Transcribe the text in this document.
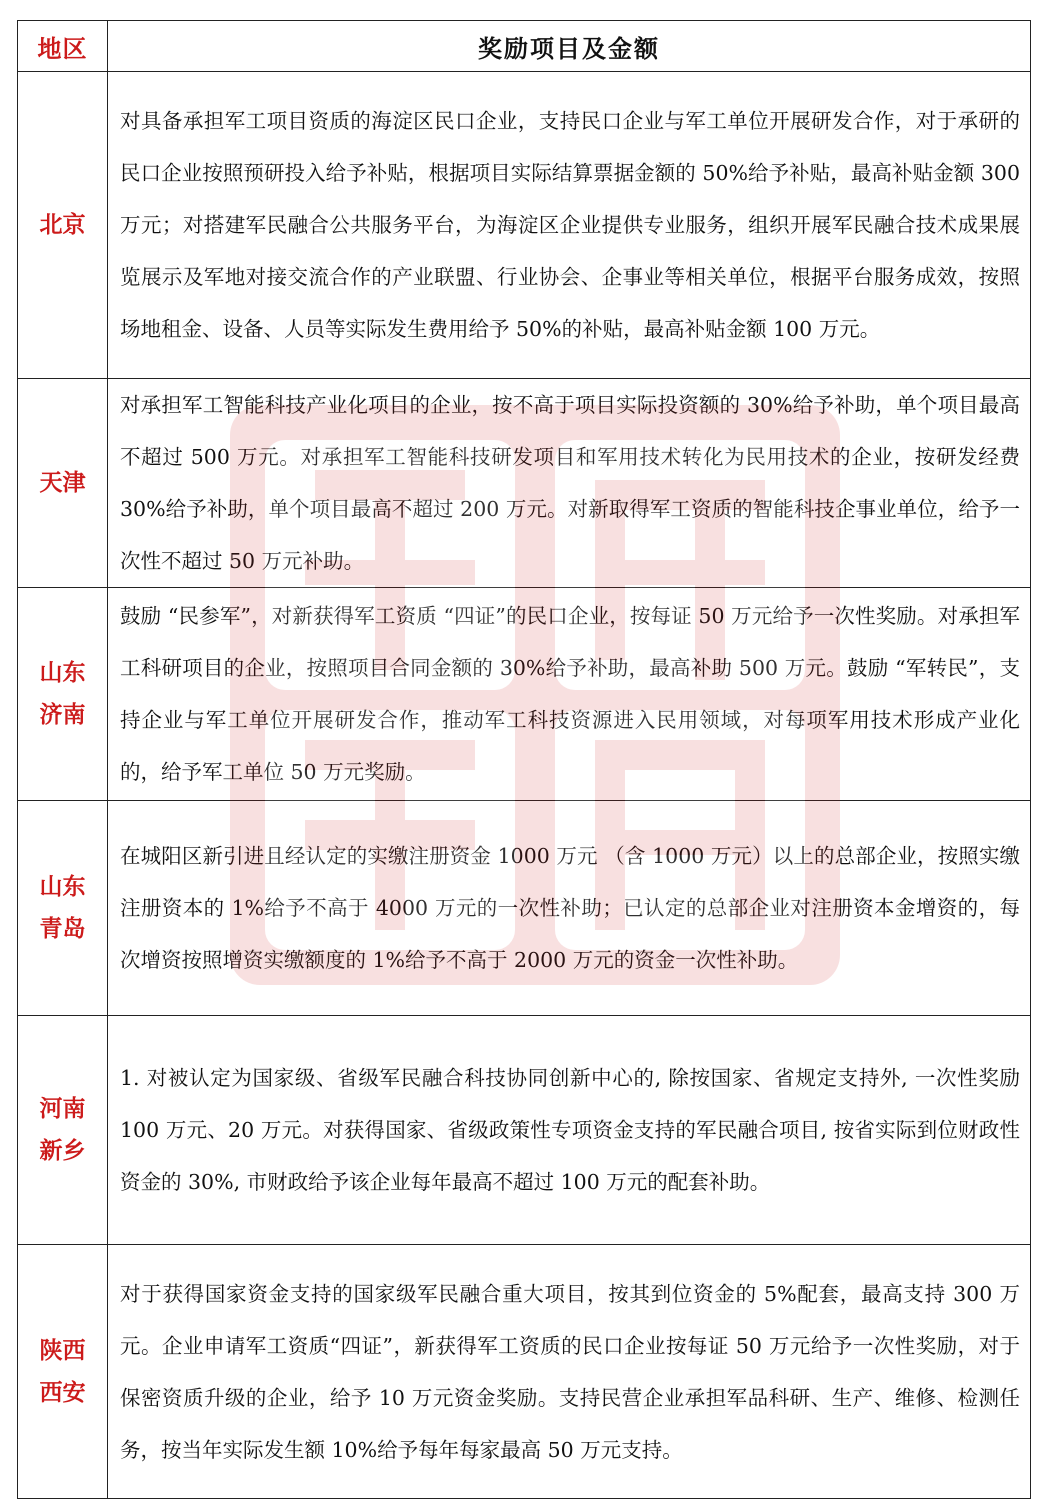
地区	奖励项目及金额

北京	对具备承担军工项目资质的海淀区民口企业，支持民口企业与军工单位开展研发合作，对于承研的民口企业按照预研投入给予补贴，根据项目实际结算票据金额的 50%给予补贴，最高补贴金额 300 万元；对搭建军民融合公共服务平台，为海淀区企业提供专业服务，组织开展军民融合技术成果展览展示及军地对接交流合作的产业联盟、行业协会、企事业等相关单位，根据平台服务成效，按照场地租金、设备、人员等实际发生费用给予 50%的补贴，最高补贴金额 100 万元。

天津	对承担军工智能科技产业化项目的企业，按不高于项目实际投资额的 30%给予补助，单个项目最高不超过 500 万元。对承担军工智能科技研发项目和军用技术转化为民用技术的企业，按研发经费 30%给予补助，单个项目最高不超过 200 万元。对新取得军工资质的智能科技企事业单位，给予一次性不超过 50 万元补助。

山东
济南	鼓励 “民参军”，对新获得军工资质 “四证”的民口企业，按每证 50 万元给予一次性奖励。对承担军工科研项目的企业，按照项目合同金额的 30%给予补助，最高补助 500 万元。鼓励 “军转民”，支持企业与军工单位开展研发合作，推动军工科技资源进入民用领域，对每项军用技术形成产业化的，给予军工单位 50 万元奖励。

山东
青岛	在城阳区新引进且经认定的实缴注册资金 1000 万元 （含 1000 万元）以上的总部企业，按照实缴注册资本的 1%给予不高于 4000 万元的一次性补助；已认定的总部企业对注册资本金增资的，每次增资按照增资实缴额度的 1%给予不高于 2000 万元的资金一次性补助。

河南
新乡	1. 对被认定为国家级、省级军民融合科技协同创新中心的, 除按国家、省规定支持外, 一次性奖励 100 万元、20 万元。对获得国家、省级政策性专项资金支持的军民融合项目, 按省实际到位财政性资金的 30%, 市财政给予该企业每年最高不超过 100 万元的配套补助。

陕西
西安	对于获得国家资金支持的国家级军民融合重大项目，按其到位资金的 5%配套，最高支持 300 万元。企业申请军工资质“四证”，新获得军工资质的民口企业按每证 50 万元给予一次性奖励，对于保密资质升级的企业，给予 10 万元资金奖励。支持民营企业承担军品科研、生产、维修、检测任务，按当年实际发生额 10%给予每年每家最高 50 万元支持。
